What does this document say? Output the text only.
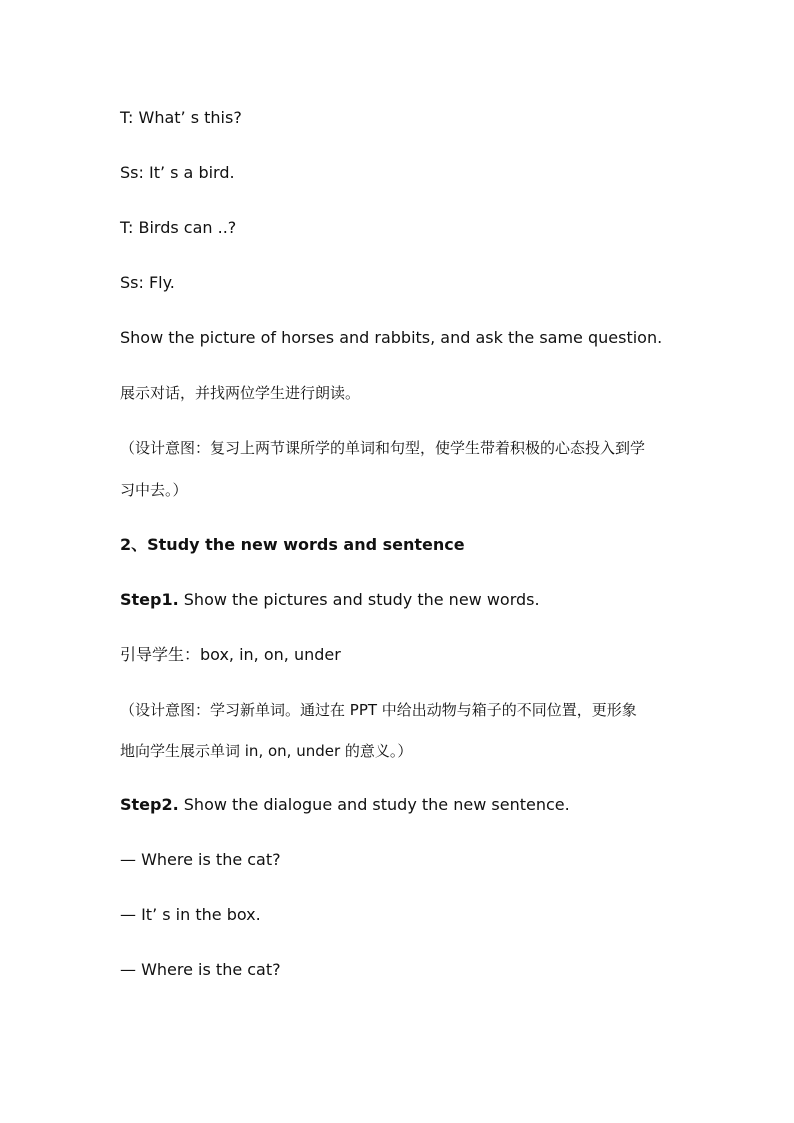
T: What’ s this?
Ss: It’ s a bird.
T: Birds can ..?
Ss: Fly.
Show the picture of horses and rabbits, and ask the same question.
展示对话，并找两位学生进行朗读。
（设计意图：复习上两节课所学的单词和句型，使学生带着积极的心态投入到学
习中去。）
2、Study the new words and sentence
Step1. Show the pictures and study the new words.
引导学生：box, in, on, under
（设计意图：学习新单词。通过在 PPT 中给出动物与箱子的不同位置，更形象
地向学生展示单词 in, on, under 的意义。）
Step2. Show the dialogue and study the new sentence.
— Where is the cat?
— It’ s in the box.
— Where is the cat?
